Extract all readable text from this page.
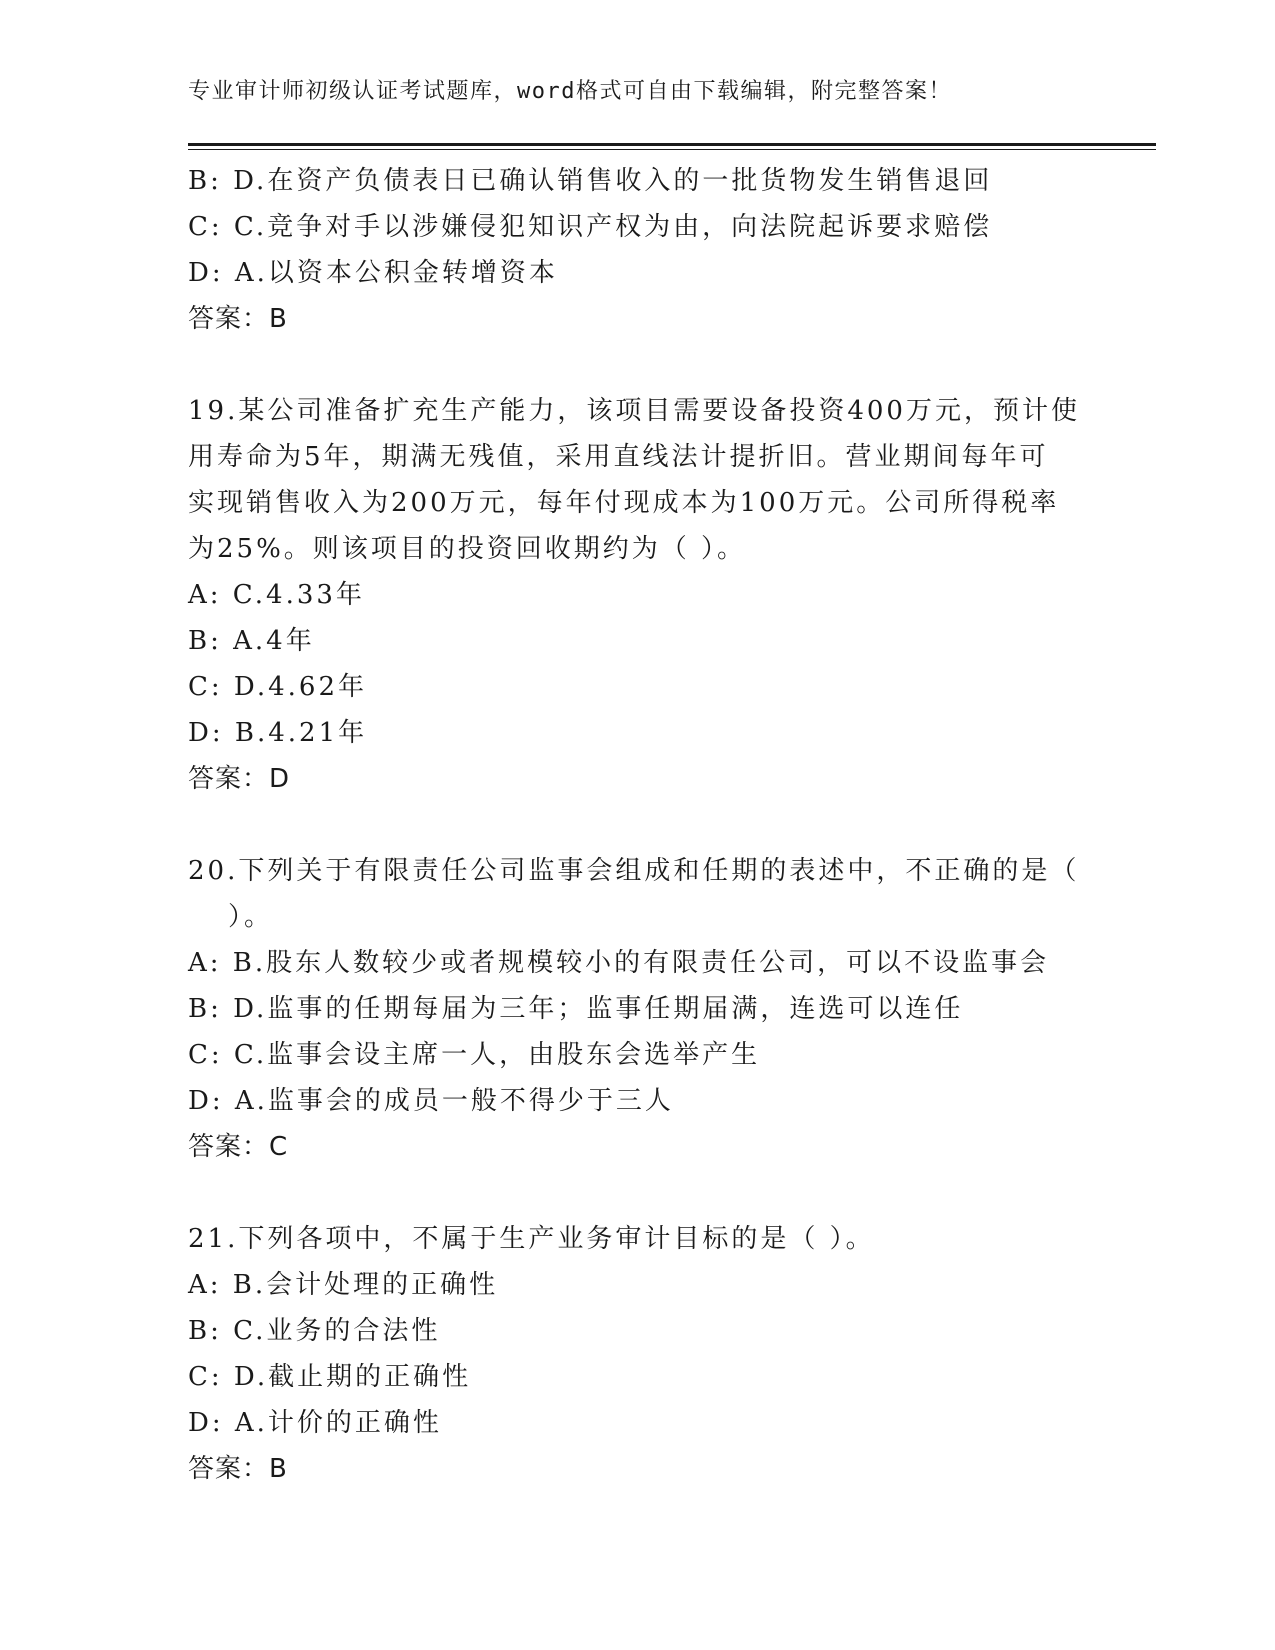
专业审计师初级认证考试题库，word格式可自由下载编辑，附完整答案！
B: D.在资产负债表日已确认销售收入的一批货物发生销售退回
C: C.竞争对手以涉嫌侵犯知识产权为由，向法院起诉要求赔偿
D: A.以资本公积金转增资本
答案：B
19.某公司准备扩充生产能力，该项目需要设备投资400万元，预计使
用寿命为5年，期满无残值，采用直线法计提折旧。营业期间每年可
实现销售收入为200万元，每年付现成本为100万元。公司所得税率
为25%。则该项目的投资回收期约为（ ）。
A: C.4.33年
B: A.4年
C: D.4.62年
D: B.4.21年
答案：D
20.下列关于有限责任公司监事会组成和任期的表述中，不正确的是（
）。
A: B.股东人数较少或者规模较小的有限责任公司，可以不设监事会
B: D.监事的任期每届为三年；监事任期届满，连选可以连任
C: C.监事会设主席一人，由股东会选举产生
D: A.监事会的成员一般不得少于三人
答案：C
21.下列各项中，不属于生产业务审计目标的是（ ）。
A: B.会计处理的正确性
B: C.业务的合法性
C: D.截止期的正确性
D: A.计价的正确性
答案：B
